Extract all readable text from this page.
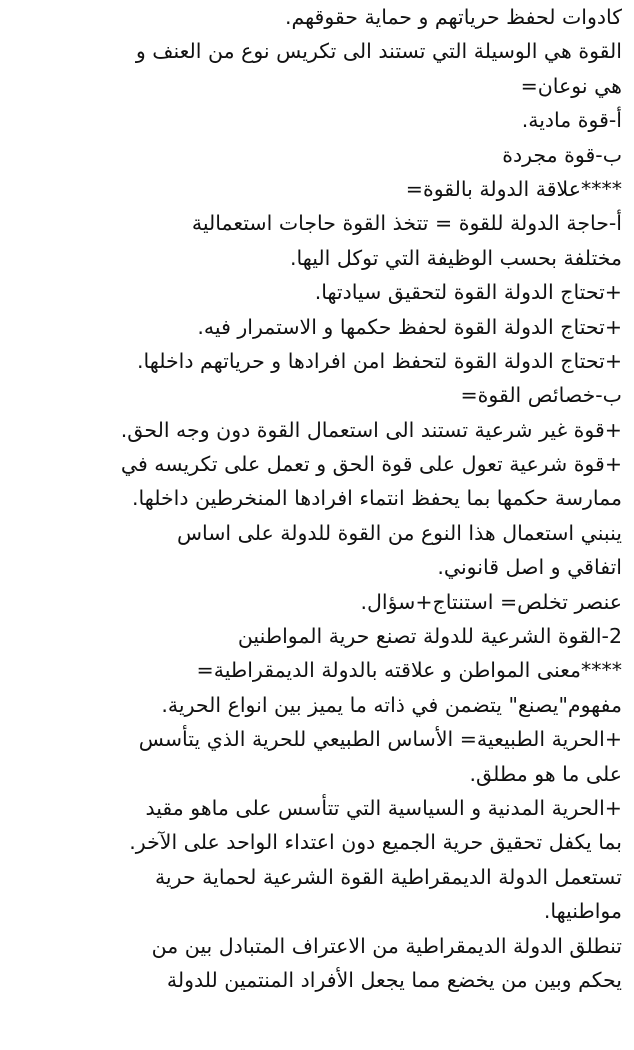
كادوات لحفظ حرياتهم و حماية حقوقهم.
القوة هي الوسيلة التي تستند الى تكريس نوع من العنف و
هي نوعان=
أ-قوة مادية.
ب-قوة مجردة
****علاقة الدولة بالقوة=
أ-حاجة الدولة للقوة = تتخذ القوة حاجات استعمالية
مختلفة بحسب الوظيفة التي توكل اليها.
+تحتاج الدولة القوة لتحقيق سيادتها.
+تحتاج الدولة القوة لحفظ حكمها و الاستمرار فيه.
+تحتاج الدولة القوة لتحفظ امن افرادها و حرياتهم داخلها.
ب-خصائص القوة=
+قوة غير شرعية تستند الى استعمال القوة دون وجه الحق.
+قوة شرعية تعول على قوة الحق و تعمل على تكريسه في
ممارسة حكمها بما يحفظ انتماء افرادها المنخرطين داخلها.
ينبني استعمال هذا النوع من القوة للدولة على اساس
اتفاقي و اصل قانوني.
عنصر تخلص= استنتاج+سؤال.
2-القوة الشرعية للدولة تصنع حرية المواطنين
****معنى المواطن و علاقته بالدولة الديمقراطية=
مفهوم"يصنع" يتضمن في ذاته ما يميز بين انواع الحرية.
+الحرية الطبيعية= الأساس الطبيعي للحرية الذي يتأسس
على ما هو مطلق.
+الحرية المدنية و السياسية التي تتأسس على ماهو مقيد
بما يكفل تحقيق حرية الجميع دون اعتداء الواحد على الآخر.
تستعمل الدولة الديمقراطية القوة الشرعية لحماية حرية
مواطنيها.
تنطلق الدولة الديمقراطية من الاعتراف المتبادل بين من
يحكم وبين من يخضع مما يجعل الأفراد المنتمين للدولة
